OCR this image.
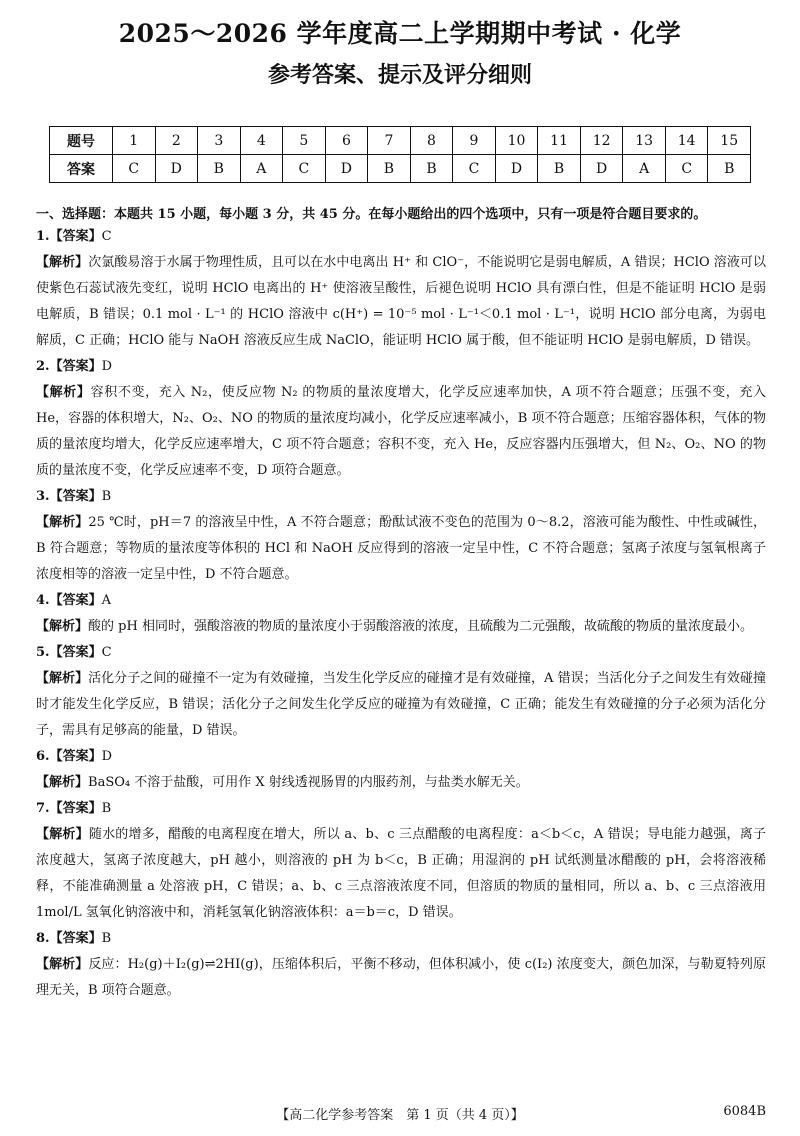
2025～2026 学年度高二上学期期中考试 · 化学
参考答案、提示及评分细则
题号	1	2	3	4	5	6	7	8	9	10	11	12	13	14	15
答案	C	D	B	A	C	D	B	B	C	D	B	D	A	C	B
一、选择题：本题共 15 小题，每小题 3 分，共 45 分。在每小题给出的四个选项中，只有一项是符合题目要求的。

1.【答案】C

【解析】次氯酸易溶于水属于物理性质，且可以在水中电离出 H⁺ 和 ClO⁻，不能说明它是弱电解质，A 错误；HClO 溶液可以使紫色石蕊试液先变红，说明 HClO 电离出的 H⁺ 使溶液呈酸性，后褪色说明 HClO 具有漂白性，但是不能证明 HClO 是弱电解质，B 错误；0.1 mol · L⁻¹ 的 HClO 溶液中 c(H⁺) = 10⁻⁵ mol · L⁻¹＜0.1 mol · L⁻¹，说明 HClO 部分电离，为弱电解质，C 正确；HClO 能与 NaOH 溶液反应生成 NaClO，能证明 HClO 属于酸，但不能证明 HClO 是弱电解质，D 错误。

2.【答案】D

【解析】容积不变，充入 N₂，使反应物 N₂ 的物质的量浓度增大，化学反应速率加快，A 项不符合题意；压强不变，充入 He，容器的体积增大，N₂、O₂、NO 的物质的量浓度均减小，化学反应速率减小，B 项不符合题意；压缩容器体积，气体的物质的量浓度均增大，化学反应速率增大，C 项不符合题意；容积不变，充入 He，反应容器内压强增大，但 N₂、O₂、NO 的物质的量浓度不变，化学反应速率不变，D 项符合题意。

3.【答案】B

【解析】25 ℃时，pH＝7 的溶液呈中性，A 不符合题意；酚酞试液不变色的范围为 0～8.2，溶液可能为酸性、中性或碱性，B 符合题意；等物质的量浓度等体积的 HCl 和 NaOH 反应得到的溶液一定呈中性，C 不符合题意；氢离子浓度与氢氧根离子浓度相等的溶液一定呈中性，D 不符合题意。

4.【答案】A

【解析】酸的 pH 相同时，强酸溶液的物质的量浓度小于弱酸溶液的浓度，且硫酸为二元强酸，故硫酸的物质的量浓度最小。

5.【答案】C

【解析】活化分子之间的碰撞不一定为有效碰撞，当发生化学反应的碰撞才是有效碰撞，A 错误；当活化分子之间发生有效碰撞时才能发生化学反应，B 错误；活化分子之间发生化学反应的碰撞为有效碰撞，C 正确；能发生有效碰撞的分子必须为活化分子，需具有足够高的能量，D 错误。

6.【答案】D

【解析】BaSO₄ 不溶于盐酸，可用作 X 射线透视肠胃的内服药剂，与盐类水解无关。

7.【答案】B

【解析】随水的增多，醋酸的电离程度在增大，所以 a、b、c 三点醋酸的电离程度：a＜b＜c，A 错误；导电能力越强，离子浓度越大，氢离子浓度越大，pH 越小，则溶液的 pH 为 b＜c，B 正确；用湿润的 pH 试纸测量冰醋酸的 pH，会将溶液稀释，不能准确测量 a 处溶液 pH，C 错误；a、b、c 三点溶液浓度不同，但溶质的物质的量相同，所以 a、b、c 三点溶液用 1mol/L 氢氧化钠溶液中和，消耗氢氧化钠溶液体积：a＝b＝c，D 错误。

8.【答案】B

【解析】反应：H₂(g)＋I₂(g)⇌2HI(g)，压缩体积后，平衡不移动，但体积减小，使 c(I₂) 浓度变大，颜色加深，与勒夏特列原理无关，B 项符合题意。

【高二化学参考答案　第 1 页（共 4 页）】	6084B
